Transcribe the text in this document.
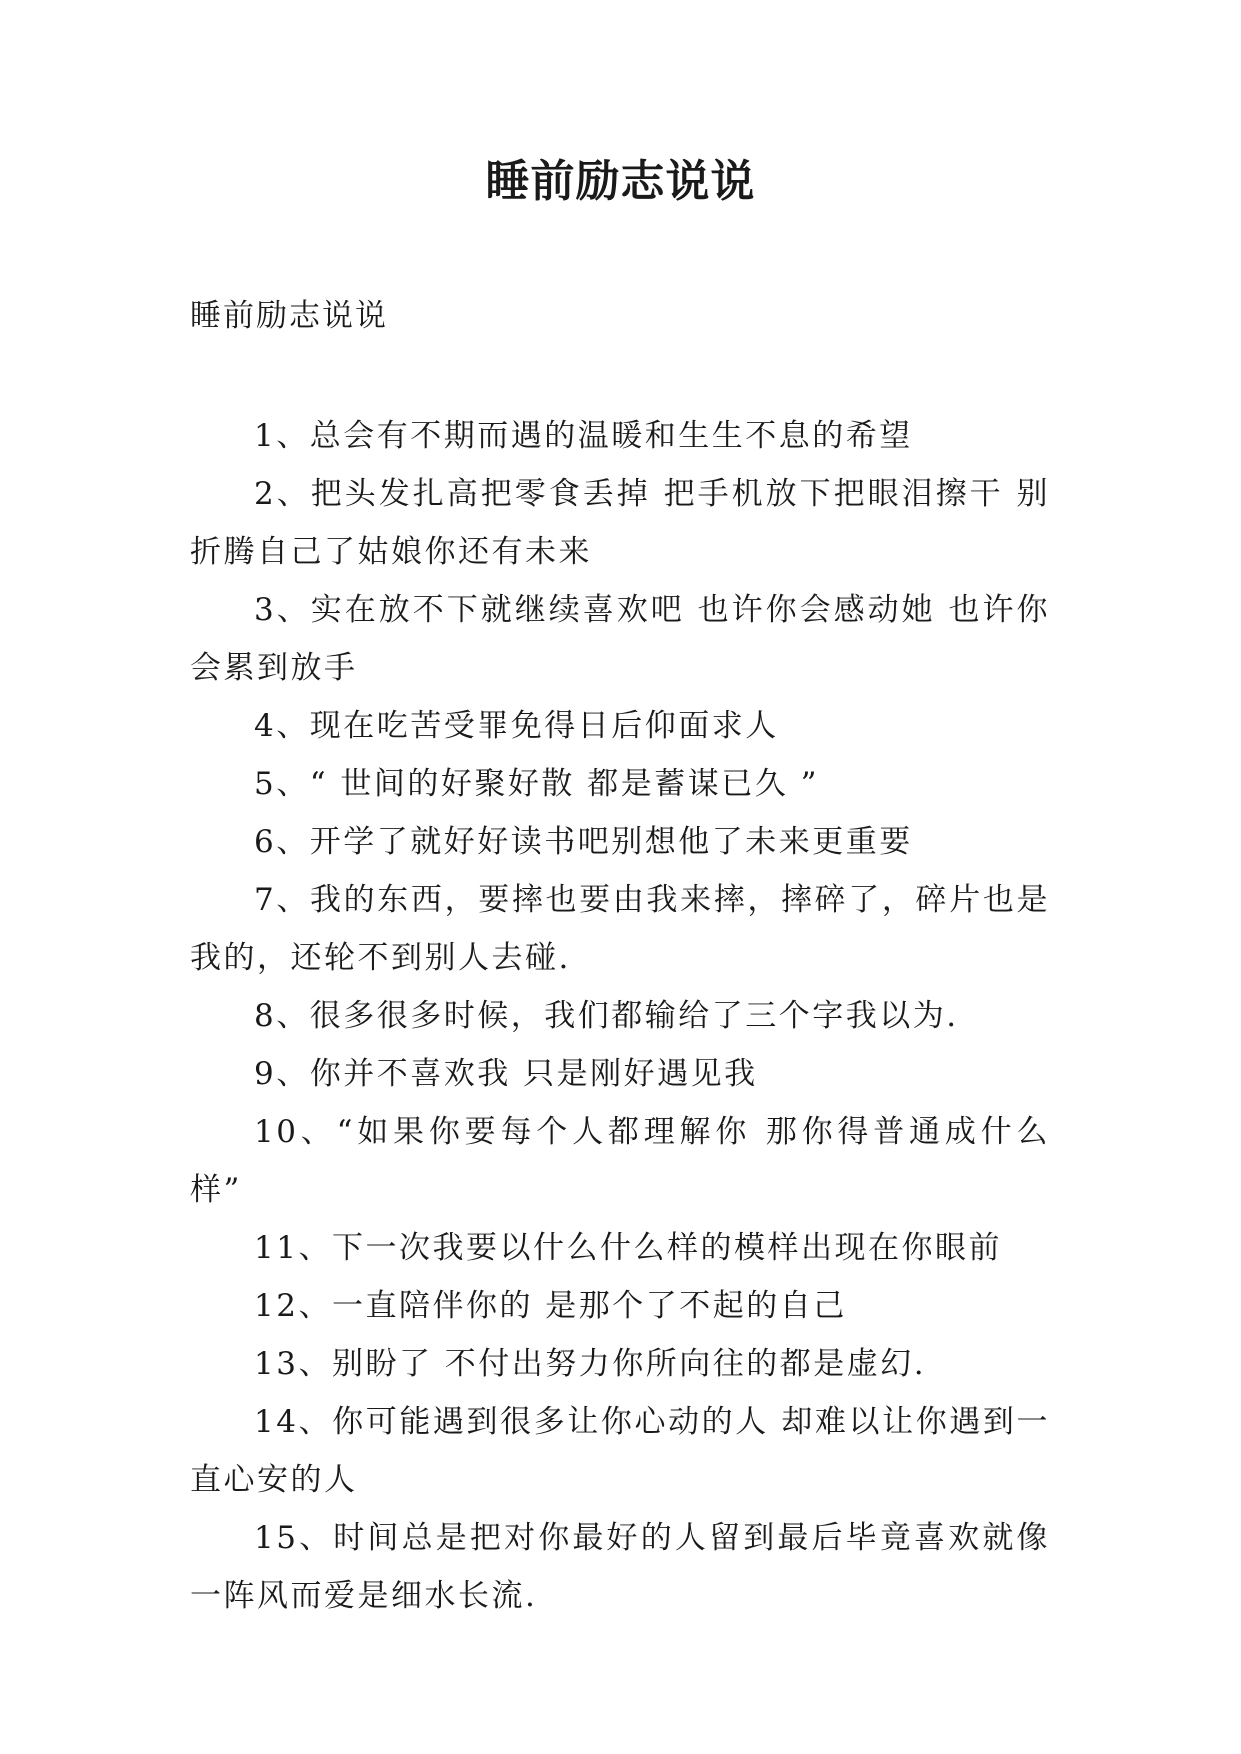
睡前励志说说

睡前励志说说

1、总会有不期而遇的温暖和生生不息的希望

2、把头发扎高把零食丢掉 把手机放下把眼泪擦干 别折腾自己了姑娘你还有未来

3、实在放不下就继续喜欢吧 也许你会感动她 也许你会累到放手

4、现在吃苦受罪免得日后仰面求人

5、“ 世间的好聚好散 都是蓄谋已久 ”

6、开学了就好好读书吧别想他了未来更重要

7、我的东西，要摔也要由我来摔，摔碎了，碎片也是我的，还轮不到别人去碰.

8、很多很多时候，我们都输给了三个字我以为.

9、你并不喜欢我 只是刚好遇见我

10、“如果你要每个人都理解你 那你得普通成什么样”

11、下一次我要以什么什么样的模样出现在你眼前

12、一直陪伴你的 是那个了不起的自己

13、别盼了 不付出努力你所向往的都是虚幻.

14、你可能遇到很多让你心动的人 却难以让你遇到一直心安的人

15、时间总是把对你最好的人留到最后毕竟喜欢就像一阵风而爱是细水长流.
